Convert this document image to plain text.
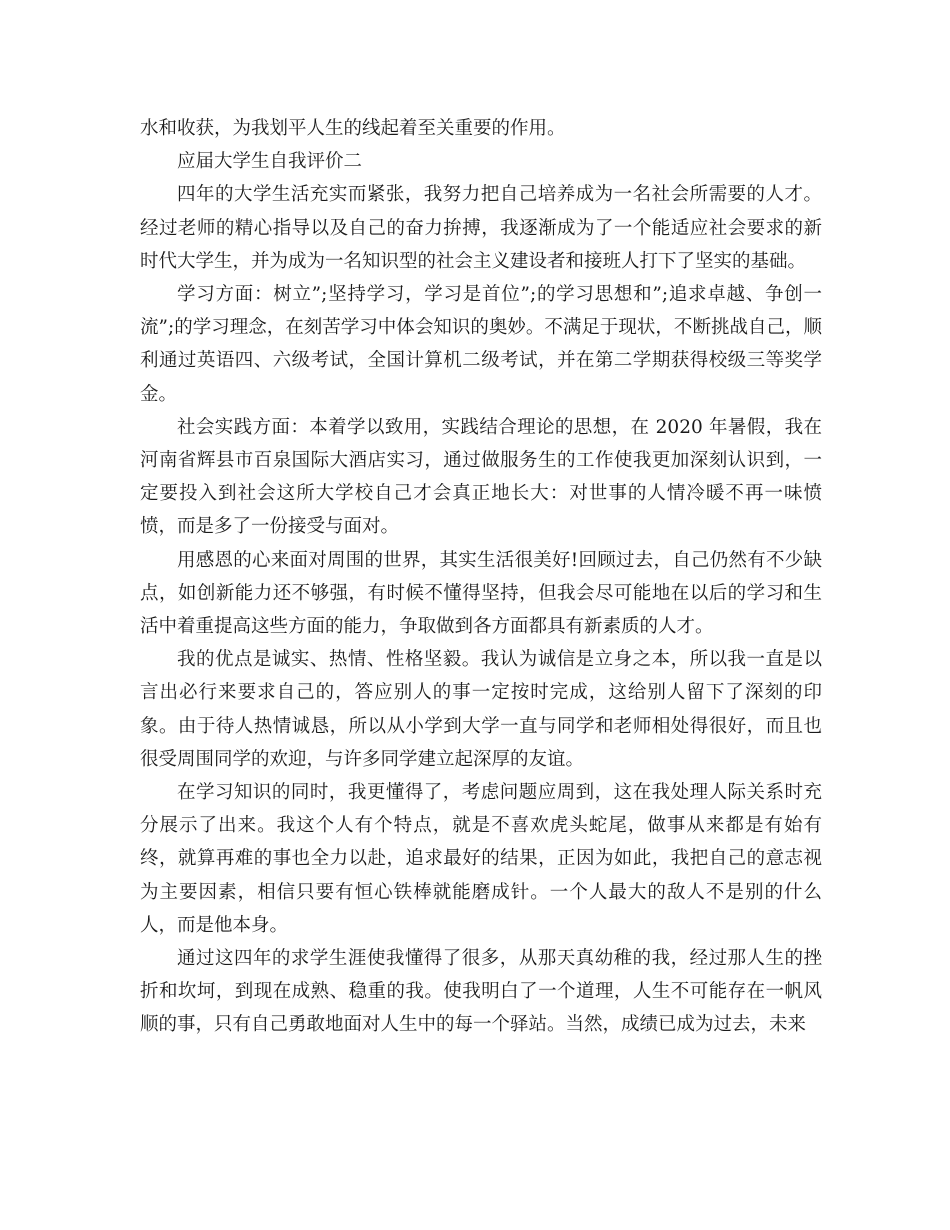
水和收获，为我划平人生的线起着至关重要的作用。

应届大学生自我评价二

四年的大学生活充实而紧张，我努力把自己培养成为一名社会所需要的人才。经过老师的精心指导以及自己的奋力拚搏，我逐渐成为了一个能适应社会要求的新时代大学生，并为成为一名知识型的社会主义建设者和接班人打下了坚实的基础。

学习方面：树立”;坚持学习，学习是首位”;的学习思想和”;追求卓越、争创一流”;的学习理念，在刻苦学习中体会知识的奥妙。不满足于现状，不断挑战自己，顺利通过英语四、六级考试，全国计算机二级考试，并在第二学期获得校级三等奖学金。

社会实践方面：本着学以致用，实践结合理论的思想，在 2020 年暑假，我在河南省辉县市百泉国际大酒店实习，通过做服务生的工作使我更加深刻认识到，一定要投入到社会这所大学校自己才会真正地长大：对世事的人情冷暖不再一味愤愤，而是多了一份接受与面对。

用感恩的心来面对周围的世界，其实生活很美好!回顾过去，自己仍然有不少缺点，如创新能力还不够强，有时候不懂得坚持，但我会尽可能地在以后的学习和生活中着重提高这些方面的能力，争取做到各方面都具有新素质的人才。

我的优点是诚实、热情、性格坚毅。我认为诚信是立身之本，所以我一直是以言出必行来要求自己的，答应别人的事一定按时完成，这给别人留下了深刻的印象。由于待人热情诚恳，所以从小学到大学一直与同学和老师相处得很好，而且也很受周围同学的欢迎，与许多同学建立起深厚的友谊。

在学习知识的同时，我更懂得了，考虑问题应周到，这在我处理人际关系时充分展示了出来。我这个人有个特点，就是不喜欢虎头蛇尾，做事从来都是有始有终，就算再难的事也全力以赴，追求最好的结果，正因为如此，我把自己的意志视为主要因素，相信只要有恒心铁棒就能磨成针。一个人最大的敌人不是别的什么人，而是他本身。

通过这四年的求学生涯使我懂得了很多，从那天真幼稚的我，经过那人生的挫折和坎坷，到现在成熟、稳重的我。使我明白了一个道理，人生不可能存在一帆风顺的事，只有自己勇敢地面对人生中的每一个驿站。当然，成绩已成为过去，未来
